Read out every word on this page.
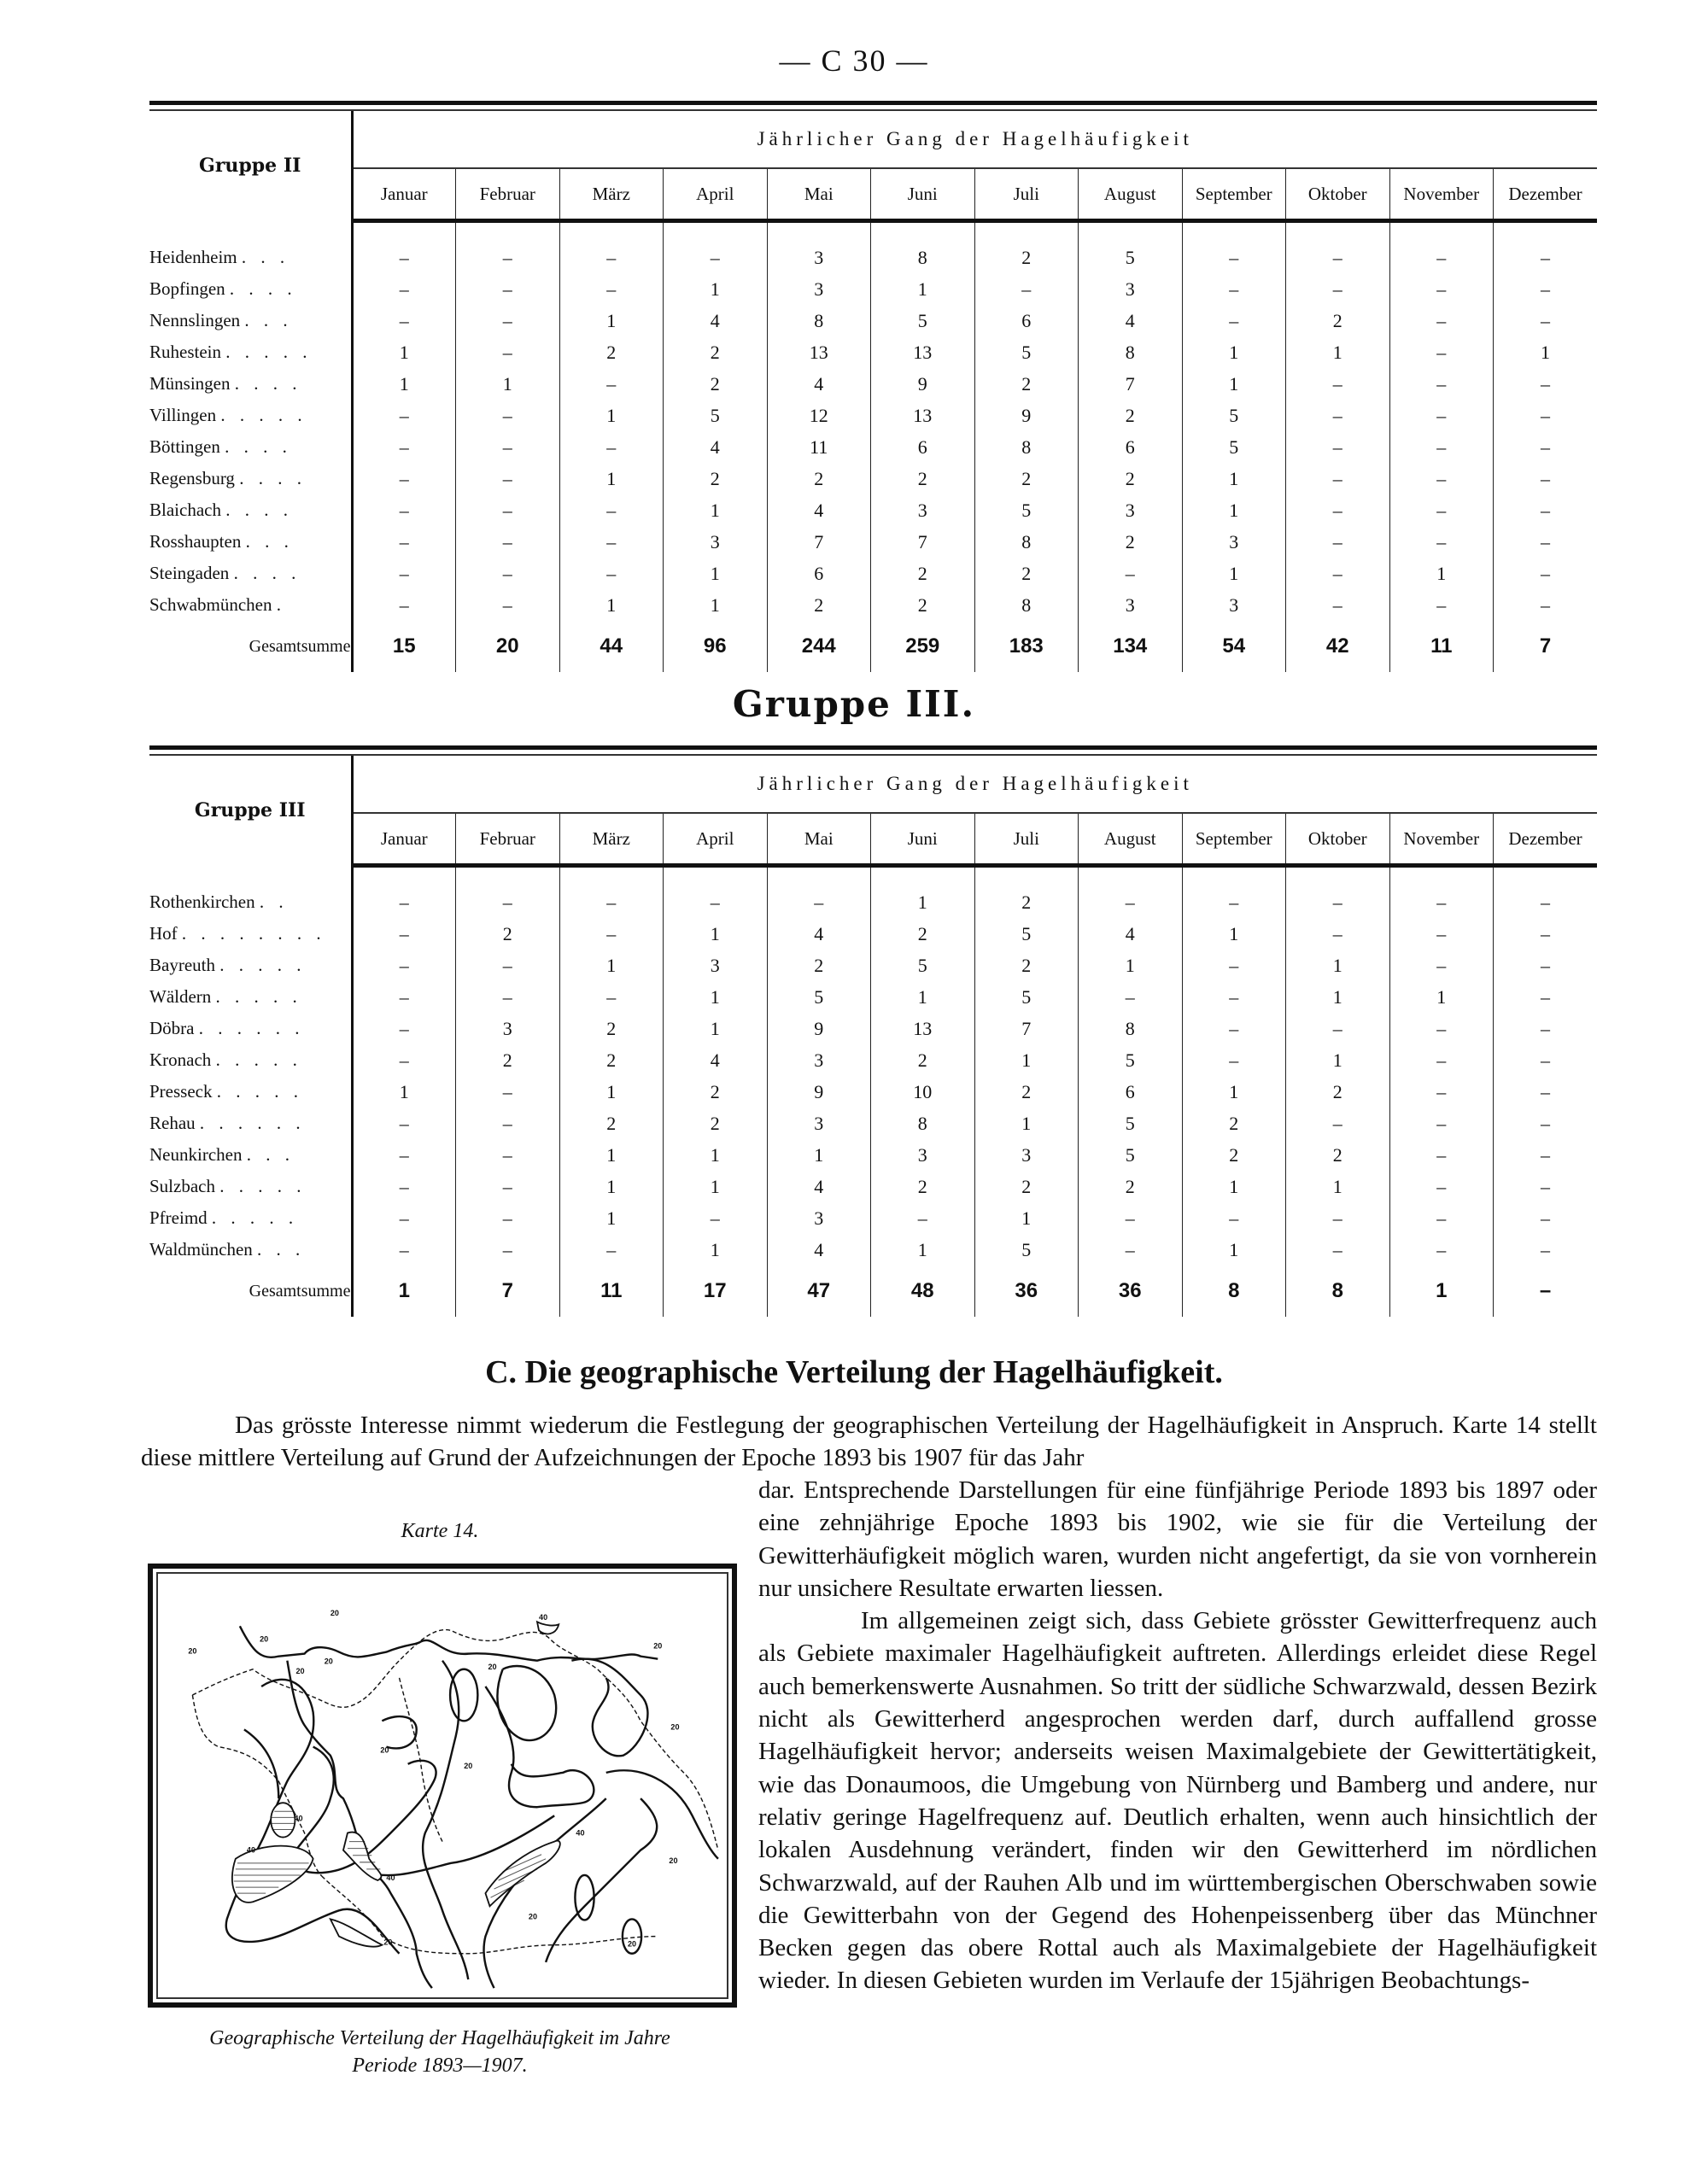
— C 30 —
Gruppe II	Jährlicher Gang der Hagelhäufigkeit											
	Januar	Februar	März	April	Mai	Juni	Juli	August	September	Oktober	November	Dezember

Heidenheim . . .	–	–	–	–	3	8	2	5	–	–	–	–
Bopfingen . . . .	–	–	–	1	3	1	–	3	–	–	–	–
Nennslingen . . .	–	–	1	4	8	5	6	4	–	2	–	–
Ruhestein . . . . .	1	–	2	2	13	13	5	8	1	1	–	1
Münsingen . . . .	1	1	–	2	4	9	2	7	1	–	–	–
Villingen . . . . .	–	–	1	5	12	13	9	2	5	–	–	–
Böttingen . . . .	–	–	–	4	11	6	8	6	5	–	–	–
Regensburg . . . .	–	–	1	2	2	2	2	2	1	–	–	–
Blaichach . . . .	–	–	–	1	4	3	5	3	1	–	–	–
Rosshaupten . . .	–	–	–	3	7	7	8	2	3	–	–	–
Steingaden . . . .	–	–	–	1	6	2	2	–	1	–	1	–
Schwabmünchen .	–	–	1	1	2	2	8	3	3	–	–	–
Gesamtsumme	15	20	44	96	244	259	183	134	54	42	11	7
Gruppe III.
Gruppe III	Jährlicher Gang der Hagelhäufigkeit											
	Januar	Februar	März	April	Mai	Juni	Juli	August	September	Oktober	November	Dezember

Rothenkirchen . .	–	–	–	–	–	1	2	–	–	–	–	–
Hof . . . . . . . .	–	2	–	1	4	2	5	4	1	–	–	–
Bayreuth . . . . .	–	–	1	3	2	5	2	1	–	1	–	–
Wäldern . . . . .	–	–	–	1	5	1	5	–	–	1	1	–
Döbra . . . . . .	–	3	2	1	9	13	7	8	–	–	–	–
Kronach . . . . .	–	2	2	4	3	2	1	5	–	1	–	–
Presseck . . . . .	1	–	1	2	9	10	2	6	1	2	–	–
Rehau . . . . . .	–	–	2	2	3	8	1	5	2	–	–	–
Neunkirchen . . .	–	–	1	1	1	3	3	5	2	2	–	–
Sulzbach . . . . .	–	–	1	1	4	2	2	2	1	1	–	–
Pfreimd . . . . .	–	–	1	–	3	–	1	–	–	–	–	–
Waldmünchen . . .	–	–	–	1	4	1	5	–	1	–	–	–
Gesamtsumme	1	7	11	17	47	48	36	36	8	8	1	–
C. Die geographische Verteilung der Hagelhäufigkeit.
Das grösste Interesse nimmt wiederum die Festlegung der geographischen Verteilung der Hagelhäufigkeit in Anspruch. Karte 14 stellt diese mittlere Verteilung auf Grund der Aufzeichnungen der Epoche 1893 bis 1907 für das Jahr

dar. Entsprechende Darstellungen für eine fünfjährige Periode 1893 bis 1897 oder eine zehnjährige Epoche 1893 bis 1902, wie sie für die Verteilung der Gewitterhäufigkeit möglich waren, wurden nicht angefertigt, da sie von vornherein nur unsichere Resultate erwarten liessen.

Im allgemeinen zeigt sich, dass Gebiete grösster Gewitterfrequenz auch als Gebiete maximaler Hagelhäufigkeit auftreten. Allerdings erleidet diese Regel auch bemerkenswerte Ausnahmen. So tritt der südliche Schwarzwald, dessen Bezirk nicht als Gewitterherd angesprochen werden darf, durch auffallend grosse Hagelhäufigkeit hervor; anderseits weisen Maximalgebiete der Gewittertätigkeit, wie das Donaumoos, die Umgebung von Nürnberg und Bamberg und andere, nur relativ geringe Hagelfrequenz auf. Deutlich erhalten, wenn auch hinsichtlich der lokalen Ausdehnung verändert, finden wir den Gewitterherd im nördlichen Schwarzwald, auf der Rauhen Alb und im württembergischen Oberschwaben sowie die Gewitterbahn von der Gegend des Hohenpeissenberg über das Münchner Becken gegen das obere Rottal auch als Maximalgebiete der Hagelhäufigkeit wieder. In diesen Gebieten wurden im Verlaufe der 15jährigen Beobachtungs-

Karte 14.
20
20
20
20
20
20
20
20
20
20
20
20
20
20
40
40
40
40
40
Geographische Verteilung der Hagelhäufigkeit im Jahre
Periode 1893—1907.
